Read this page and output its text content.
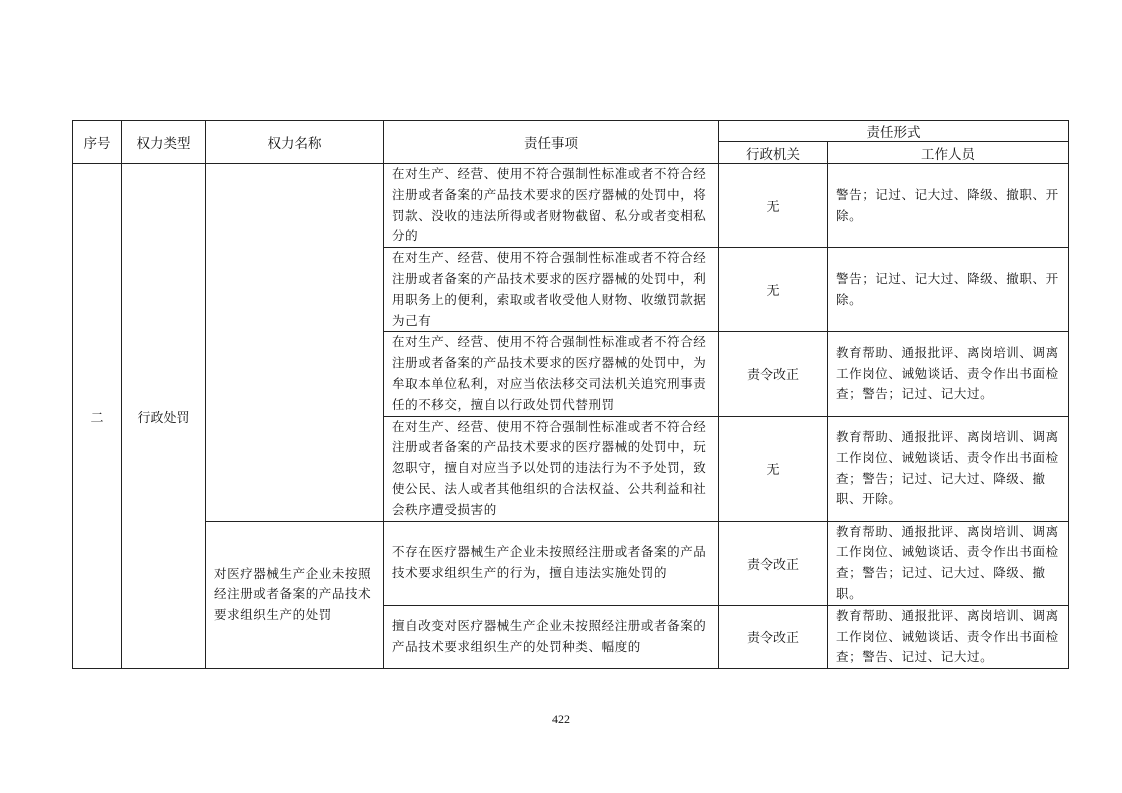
序号	权力类型	权力名称	责任事项	责任形式	
				行政机关	工作人员
二	行政处罚		在对生产、经营、使用不符合强制性标准或者不符合经注册或者备案的产品技术要求的医疗器械的处罚中，将罚款、没收的违法所得或者财物截留、私分或者变相私分的	无	警告；记过、记大过、降级、撤职、开除。
			在对生产、经营、使用不符合强制性标准或者不符合经注册或者备案的产品技术要求的医疗器械的处罚中，利用职务上的便利，索取或者收受他人财物、收缴罚款据为己有	无	警告；记过、记大过、降级、撤职、开除。
			在对生产、经营、使用不符合强制性标准或者不符合经注册或者备案的产品技术要求的医疗器械的处罚中，为牟取本单位私利，对应当依法移交司法机关追究刑事责任的不移交，擅自以行政处罚代替刑罚	责令改正	教育帮助、通报批评、离岗培训、调离工作岗位、诫勉谈话、责令作出书面检查；警告；记过、记大过。
			在对生产、经营、使用不符合强制性标准或者不符合经注册或者备案的产品技术要求的医疗器械的处罚中，玩忽职守，擅自对应当予以处罚的违法行为不予处罚，致使公民、法人或者其他组织的合法权益、公共利益和社会秩序遭受损害的	无	教育帮助、通报批评、离岗培训、调离工作岗位、诫勉谈话、责令作出书面检查；警告；记过、记大过、降级、撤职、开除。
		对医疗器械生产企业未按照经注册或者备案的产品技术要求组织生产的处罚	不存在医疗器械生产企业未按照经注册或者备案的产品技术要求组织生产的行为，擅自违法实施处罚的	责令改正	教育帮助、通报批评、离岗培训、调离工作岗位、诫勉谈话、责令作出书面检查；警告；记过、记大过、降级、撤职。
			擅自改变对医疗器械生产企业未按照经注册或者备案的产品技术要求组织生产的处罚种类、幅度的	责令改正	教育帮助、通报批评、离岗培训、调离工作岗位、诫勉谈话、责令作出书面检查；警告、记过、记大过。
422
